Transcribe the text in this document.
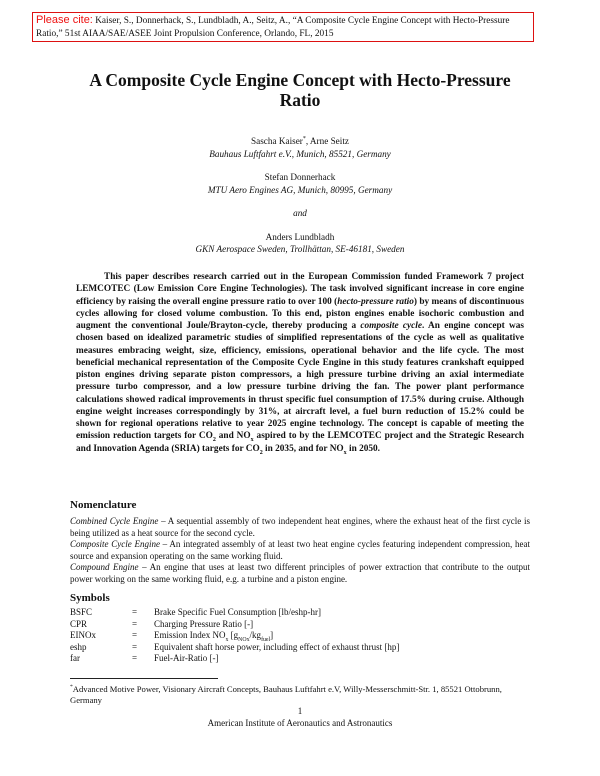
Please cite: Kaiser, S., Donnerhack, S., Lundbladh, A., Seitz, A., “A Composite Cycle Engine Concept with Hecto-Pressure Ratio,” 51st AIAA/SAE/ASEE Joint Propulsion Conference, Orlando, FL, 2015
A Composite Cycle Engine Concept with Hecto-Pressure Ratio
Sascha Kaiser*, Arne Seitz
Bauhaus Luftfahrt e.V., Munich, 85521, Germany
Stefan Donnerhack
MTU Aero Engines AG, Munich, 80995, Germany
and
Anders Lundbladh
GKN Aerospace Sweden, Trollhättan, SE-46181, Sweden

This paper describes research carried out in the European Commission funded Framework 7 project LEMCOTEC (Low Emission Core Engine Technologies). The task involved significant increase in core engine efficiency by raising the overall engine pressure ratio to over 100 (hecto-pressure ratio) by means of discontinuous cycles allowing for closed volume combustion. To this end, piston engines enable isochoric combustion and augment the conventional Joule/Brayton-cycle, thereby producing a composite cycle. An engine concept was chosen based on idealized parametric studies of simplified representations of the cycle as well as qualitative measures embracing weight, size, efficiency, emissions, operational behavior and the life cycle. The most beneficial mechanical representation of the Composite Cycle Engine in this study features crankshaft equipped piston engines driving separate piston compressors, a high pressure turbine driving an axial intermediate pressure turbo compressor, and a low pressure turbine driving the fan. The power plant performance calculations showed radical improvements in thrust specific fuel consumption of 17.5% during cruise. Although engine weight increases correspondingly by 31%, at aircraft level, a fuel burn reduction of 15.2% could be shown for regional operations relative to year 2025 engine technology. The concept is capable of meeting the emission reduction targets for $CO_2$ and $NO_x$ aspired to by the LEMCOTEC project and the Strategic Research and Innovation Agenda (SRIA) targets for $CO_2$ in 2035, and for $NO_x$ in 2050.

Nomenclature

Combined Cycle Engine – A sequential assembly of two independent heat engines, where the exhaust heat of the first cycle is being utilized as a heat source for the second cycle.

Composite Cycle Engine – An integrated assembly of at least two heat engine cycles featuring independent compression, heat source and expansion operating on the same working fluid.

Compound Engine – An engine that uses at least two different principles of power extraction that contribute to the output power working on the same working fluid, e.g. a turbine and a piston engine.

Symbols
BSFC	=	Brake Specific Fuel Consumption [lb/eshp-hr]
CPR	=	Charging Pressure Ratio [-]
EINOx	=	Emission Index $NO_x$ $[g_{NOx}/kg_{fuel}]$
eshp	=	Equivalent shaft horse power, including effect of exhaust thrust [hp]
far	=	Fuel-Air-Ratio [-]
*Advanced Motive Power, Visionary Aircraft Concepts, Bauhaus Luftfahrt e.V, Willy-Messerschmitt-Str. 1, 85521 Ottobrunn, Germany
1
American Institute of Aeronautics and Astronautics
